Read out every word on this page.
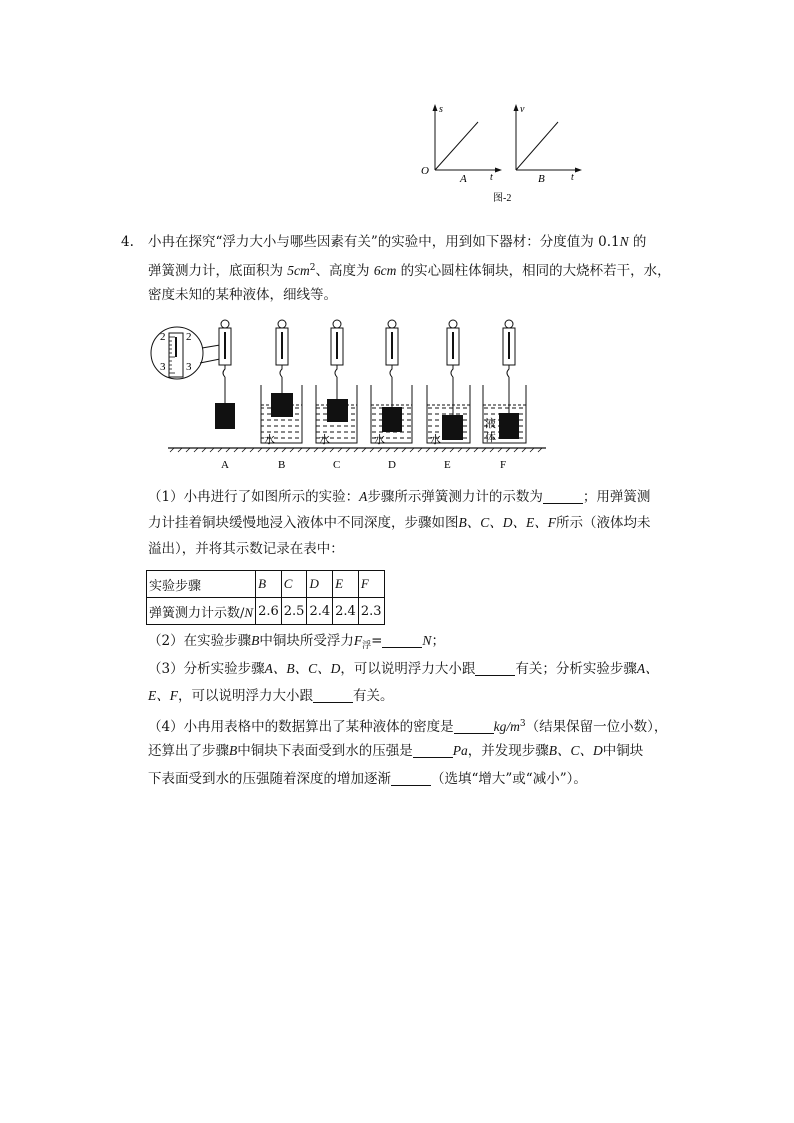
s
O
t
A
v
t
B
图-2
4. 小冉在探究“浮力大小与哪些因素有关”的实验中，用到如下器材：分度值为 0.1N 的
弹簧测力计，底面积为 $5cm^2$、高度为 6cm 的实心圆柱体铜块，相同的大烧杯若干，水，
密度未知的某种液体，细线等。
2 2
3 3
水	水	水	水
液
体
A	B	C	D	E	F
（1）小冉进行了如图所示的实验：A步骤所示弹簧测力计的示数为	；用弹簧测
力计挂着铜块缓慢地浸入液体中不同深度，步骤如图B、C、D、E、F所示（液体均未
溢出），并将其示数记录在表中：
实验步骤	B	C	D	E	F
弹簧测力计示数/N	2.6	2.5	2.4	2.4	2.3
（2）在实验步骤B中铜块所受浮力$F_浮=$	N；
（3）分析实验步骤A、B、C、D，可以说明浮力大小跟	有关；分析实验步骤A、
E、F，可以说明浮力大小跟	有关。
（4）小冉用表格中的数据算出了某种液体的密度是	$kg/m^3$（结果保留一位小数），
还算出了步骤B中铜块下表面受到水的压强是	Pa，并发现步骤B、C、D中铜块
下表面受到水的压强随着深度的增加逐渐	（选填“增大”或“减小”）。
